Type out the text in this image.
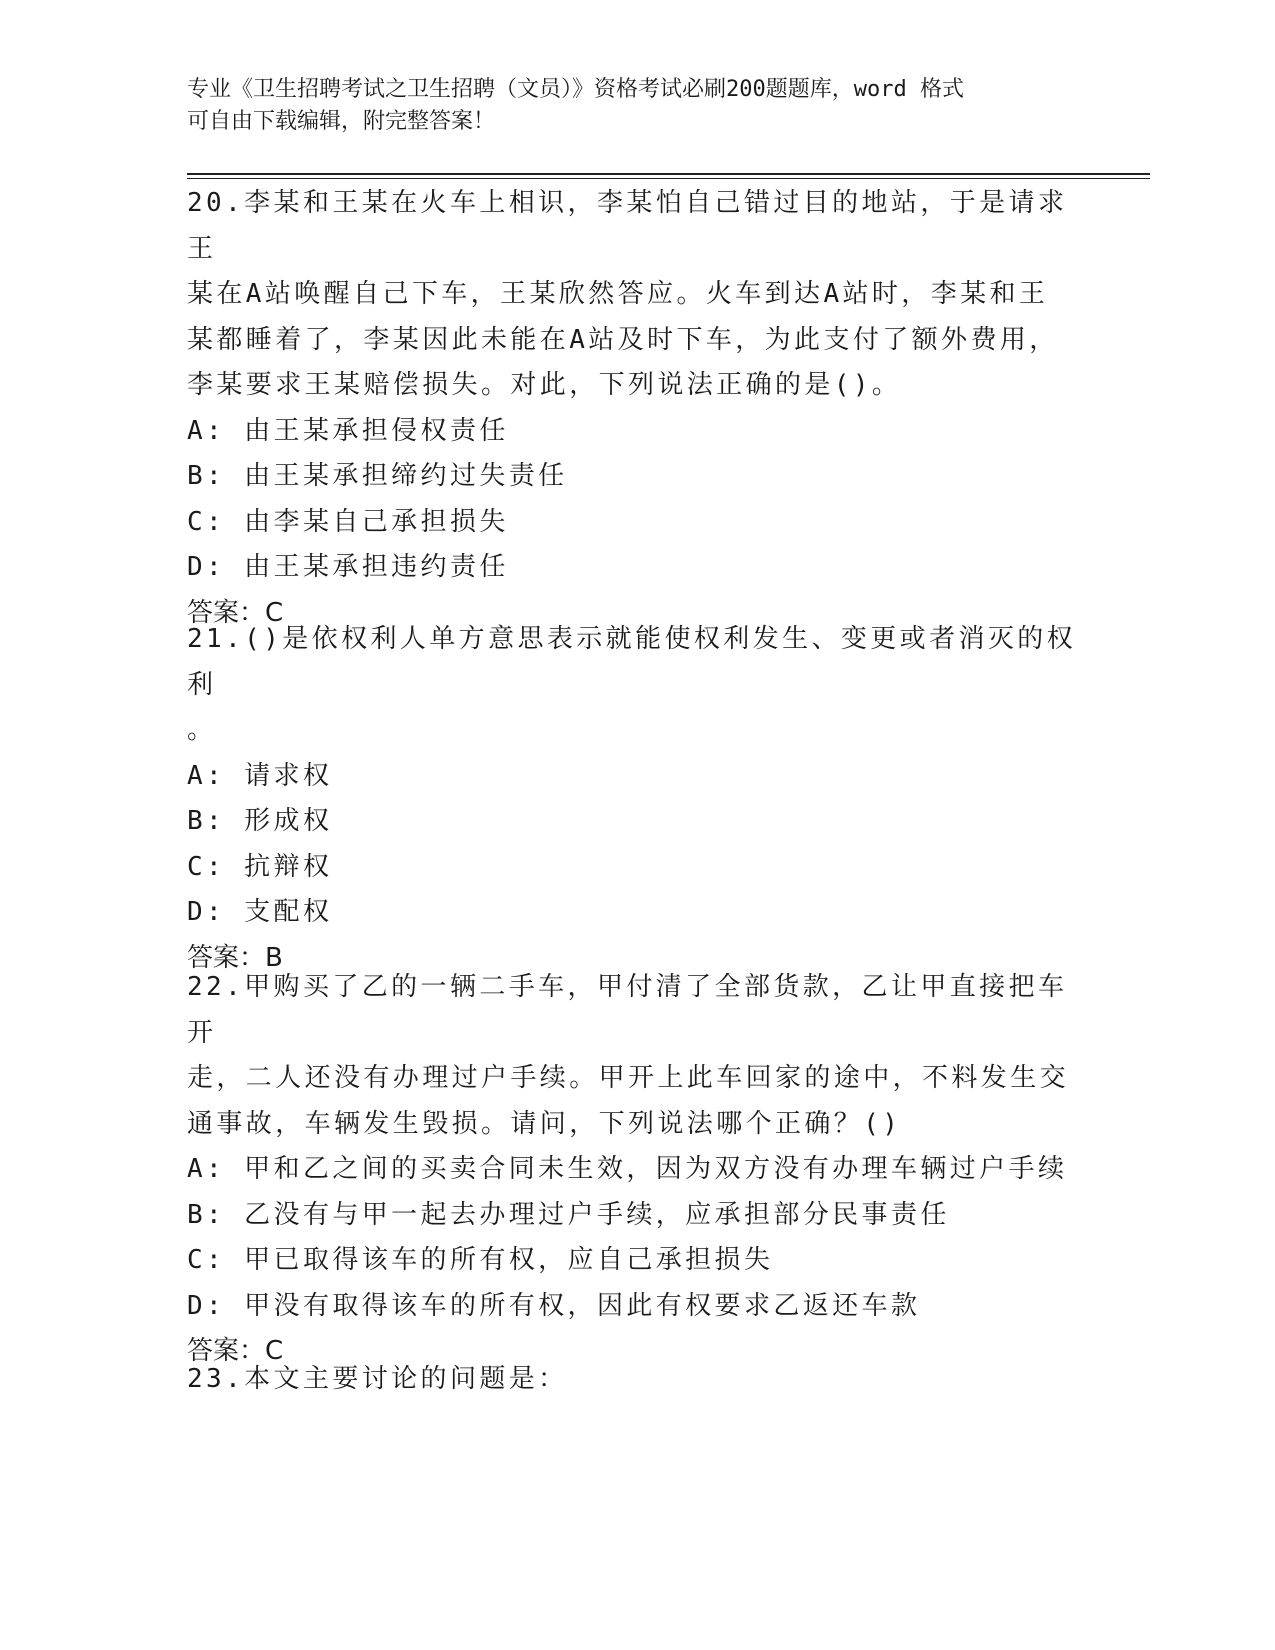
专业《卫生招聘考试之卫生招聘（文员）》资格考试必刷200题题库，word 格式
可自由下载编辑，附完整答案！
20.李某和王某在火车上相识，李某怕自己错过目的地站，于是请求王
某在A站唤醒自己下车，王某欣然答应。火车到达A站时，李某和王
某都睡着了，李某因此未能在A站及时下车，为此支付了额外费用，
李某要求王某赔偿损失。对此，下列说法正确的是()。
A: 由王某承担侵权责任
B: 由王某承担缔约过失责任
C: 由李某自己承担损失
D: 由王某承担违约责任
答案：C
21.()是依权利人单方意思表示就能使权利发生、变更或者消灭的权利
。
A: 请求权
B: 形成权
C: 抗辩权
D: 支配权
答案：B
22.甲购买了乙的一辆二手车，甲付清了全部货款，乙让甲直接把车开
走，二人还没有办理过户手续。甲开上此车回家的途中，不料发生交
通事故，车辆发生毁损。请问，下列说法哪个正确？()
A: 甲和乙之间的买卖合同未生效，因为双方没有办理车辆过户手续
B: 乙没有与甲一起去办理过户手续，应承担部分民事责任
C: 甲已取得该车的所有权，应自己承担损失
D: 甲没有取得该车的所有权，因此有权要求乙返还车款
答案：C
23.本文主要讨论的问题是：
